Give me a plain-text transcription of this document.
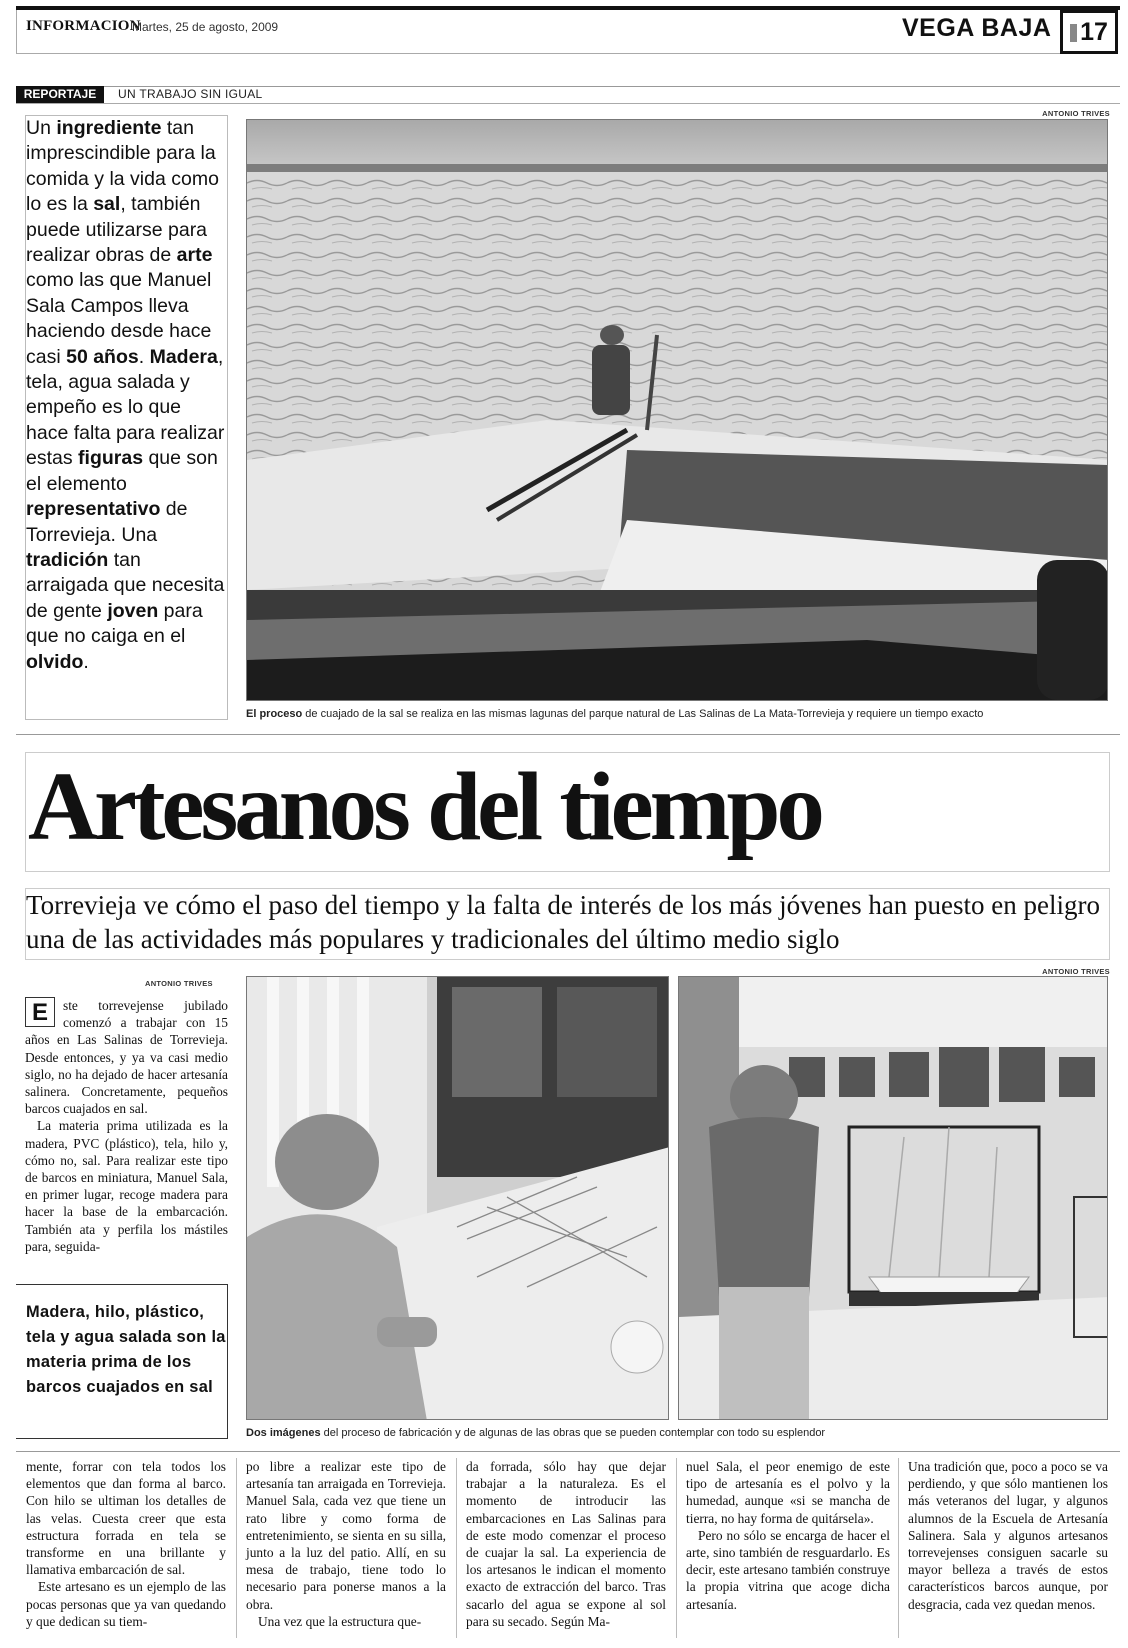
INFORMACION
Martes, 25 de agosto, 2009	VEGA BAJA 17
REPORTAJE	UN TRABAJO SIN IGUAL
Un ingrediente tan imprescindible para la comida y la vida como lo es la sal, también puede utilizarse para realizar obras de arte como las que Manuel Sala Campos lleva haciendo desde hace casi 50 años. Madera, tela, agua salada y empeño es lo que hace falta para realizar estas figuras que son el elemento representativo de Torrevieja. Una tradición tan arraigada que necesita de gente joven para que no caiga en el olvido.
ANTONIO TRIVES
El proceso de cuajado de la sal se realiza en las mismas lagunas del parque natural de Las Salinas de La Mata-Torrevieja y requiere un tiempo exacto
Artesanos del tiempo
Torrevieja ve cómo el paso del tiempo y la falta de interés de los más jóvenes han puesto en peligro una de las actividades más populares y tradicionales del último medio siglo
ANTONIO TRIVES
ANTONIO TRIVES

E	ste torrevejense jubilado comenzó a trabajar con 15 años en Las Salinas de Torrevieja. Desde entonces, y ya va casi medio siglo, no ha dejado de hacer artesanía salinera. Concretamente, pequeños barcos cuajados en sal.

La materia prima utilizada es la madera, PVC (plástico), tela, hilo y, cómo no, sal. Para realizar este tipo de barcos en miniatura, Manuel Sala, en primer lugar, recoge madera para hacer la base de la embarcación. También ata y perfila los mástiles para, seguida-

Madera, hilo, plástico, tela y agua salada son la materia prima de los barcos cuajados en sal
Dos imágenes del proceso de fabricación y de algunas de las obras que se pueden contemplar con todo su esplendor

mente, forrar con tela todos los elementos que dan forma al barco. Con hilo se ultiman los detalles de las velas. Cuesta creer que esta estructura forrada en tela se transforme en una brillante y llamativa embarcación de sal.

Este artesano es un ejemplo de las pocas personas que ya van quedando y que dedican su tiem-

po libre a realizar este tipo de artesanía tan arraigada en Torrevieja. Manuel Sala, cada vez que tiene un rato libre y como forma de entretenimiento, se sienta en su silla, junto a la luz del patio. Allí, en su mesa de trabajo, tiene todo lo necesario para ponerse manos a la obra.

Una vez que la estructura que-

da forrada, sólo hay que dejar trabajar a la naturaleza. Es el momento de introducir las embarcaciones en Las Salinas para de este modo comenzar el proceso de cuajar la sal. La experiencia de los artesanos le indican el momento exacto de extracción del barco. Tras sacarlo del agua se expone al sol para su secado. Según Ma-

nuel Sala, el peor enemigo de este tipo de artesanía es el polvo y la humedad, aunque «si se mancha de tierra, no hay forma de quitársela».

Pero no sólo se encarga de hacer el arte, sino también de resguardarlo. Es decir, este artesano también construye la propia vitrina que acoge dicha artesanía.

Una tradición que, poco a poco se va perdiendo, y que sólo mantienen los más veteranos del lugar, y algunos alumnos de la Escuela de Artesanía Salinera. Sala y algunos artesanos torrevejenses consiguen sacarle su mayor belleza a través de estos característicos barcos aunque, por desgracia, cada vez quedan menos.
